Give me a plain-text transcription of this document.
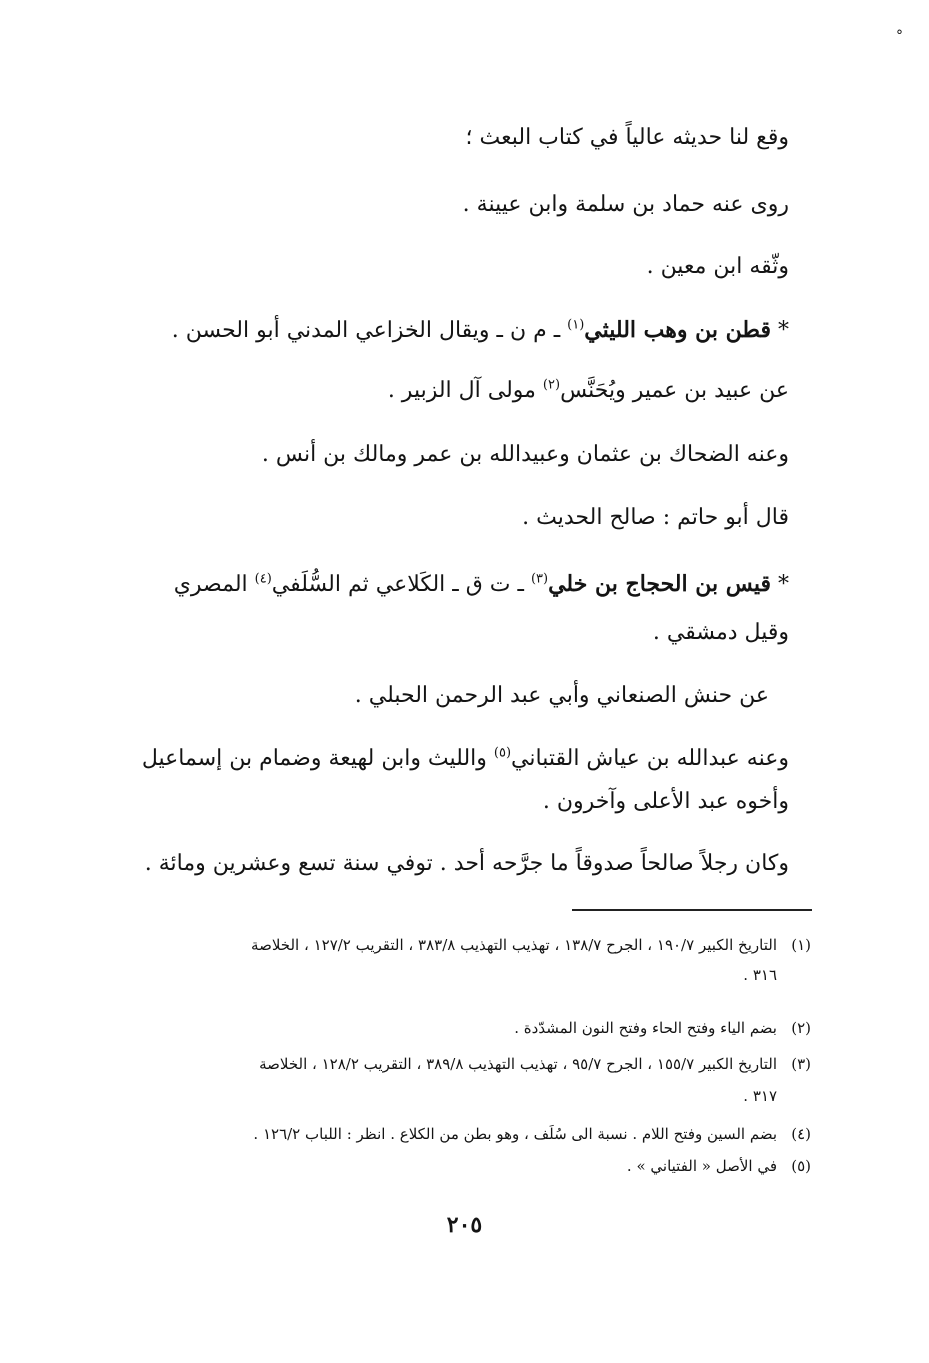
°
وقع لنا حديثه عالياً في كتاب البعث ؛
روى عنه حماد بن سلمة وابن عيينة .
وثّقه ابن معين .
* قطن بن وهب الليثي$^{(١)}$ ـ م ن ـ ويقال الخزاعي المدني أبو الحسن .
عن عبيد بن عمير ويُحَنَّس$^{(٢)}$ مولى آل الزبير .
وعنه الضحاك بن عثمان وعبيدالله بن عمر ومالك بن أنس .
قال أبو حاتم : صالح الحديث .
* قيس بن الحجاج بن خلي$^{(٣)}$ ـ ت ق ـ الكَلاعي ثم السُّلَفي$^{(٤)}$ المصري
وقيل دمشقي .
عن حنش الصنعاني وأبي عبد الرحمن الحبلي .
وعنه عبدالله بن عياش القتباني$^{(٥)}$ والليث وابن لهيعة وضمام بن إسماعيل
وأخوه عبد الأعلى وآخرون .
وكان رجلاً صالحاً صدوقاً ما جرَّحه أحد . توفي سنة تسع وعشرين ومائة .
(١)التاريخ الكبير ١٩٠/٧ ، الجرح ١٣٨/٧ ، تهذيب التهذيب ٣٨٣/٨ ، التقريب ١٢٧/٢ ، الخلاصة
٣١٦ .
(٢)بضم الياء وفتح الحاء وفتح النون المشدّدة .
(٣)التاريخ الكبير ١٥٥/٧ ، الجرح ٩٥/٧ ، تهذيب التهذيب ٣٨٩/٨ ، التقريب ١٢٨/٢ ، الخلاصة
٣١٧ .
(٤)بضم السين وفتح اللام . نسبة الى سُلَف ، وهو بطن من الكلاع . انظر : اللباب ١٢٦/٢ .
(٥)في الأصل « الفتياني » .
٢٠٥
